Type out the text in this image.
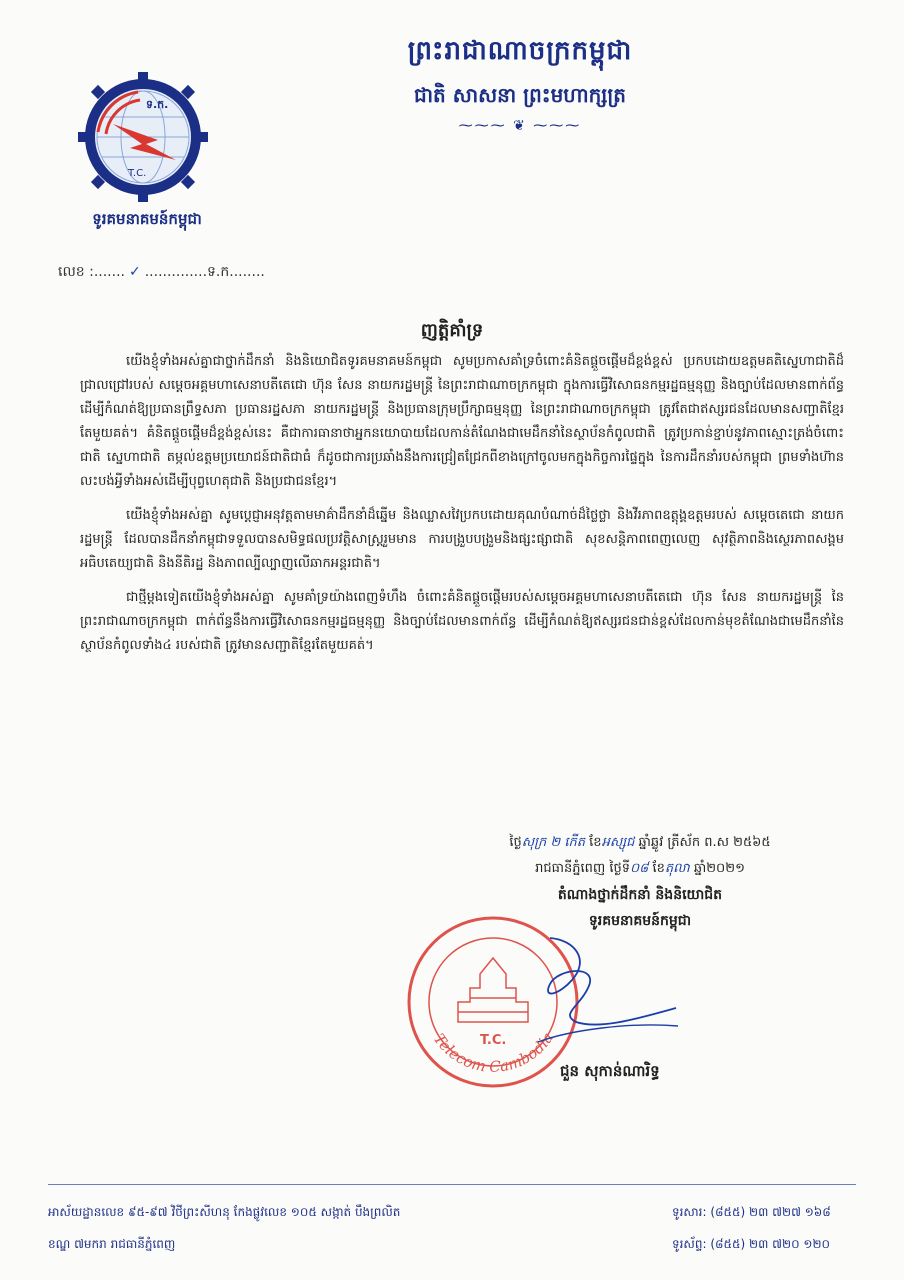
ព្រះរាជាណាចក្រកម្ពុជា
ជាតិ សាសនា ព្រះមហាក្សត្រ
⁓⁓⁓ ❦ ⁓⁓⁓
ទ.ក.
T.C.
ទូរគមនាគមន៍កម្ពុជា
លេខ :....... ✓ ..............ទ.ក........
ញត្តិគាំទ្រ

យើងខ្ញុំទាំងអស់គ្នាជាថ្នាក់ដឹកនាំ និងនិយោជិតទូរគមនាគមន៍កម្ពុជា សូមប្រកាសគាំទ្រចំពោះគំនិតផ្តួចផ្តើមដ៏ខ្ពង់ខ្ពស់ ប្រកបដោយឧត្តមគតិស្នេហាជាតិដ៏ជ្រាលជ្រៅរបស់ សម្តេចអគ្គមហាសេនាបតីតេជោ ហ៊ុន សែន នាយករដ្ឋមន្ត្រី នៃព្រះរាជាណាចក្រកម្ពុជា ក្នុងការធ្វើវិសោធនកម្មរដ្ឋធម្មនុញ្ញ និងច្បាប់ដែលមានពាក់ព័ន្ធ ដើម្បីកំណត់ឱ្យប្រធានព្រឹទ្ធសភា ប្រធានរដ្ឋសភា នាយករដ្ឋមន្ត្រី និងប្រធានក្រុមប្រឹក្សាធម្មនុញ្ញ នៃព្រះរាជាណាចក្រកម្ពុជា ត្រូវតែជាឥស្សរជនដែលមានសញ្ជាតិខ្មែរតែមួយគត់។ គំនិតផ្តួចផ្តើមដ៏ខ្ពង់ខ្ពស់នេះ គឺជាការធានាថាអ្នកនយោបាយដែលកាន់តំណែងជាមេដឹកនាំនៃស្ថាប័នកំពូលជាតិ ត្រូវប្រកាន់ខ្ជាប់នូវភាពស្មោះត្រង់ចំពោះជាតិ ស្នេហាជាតិ តម្កល់ឧត្តមប្រយោជន៍ជាតិជាធំ ក៏ដូចជាការប្រឆាំងនឹងការជ្រៀតជ្រែកពីខាងក្រៅចូលមកក្នុងកិច្ចការផ្ទៃក្នុង នៃការដឹកនាំរបស់កម្ពុជា ព្រមទាំងហ៊ានលះបង់អ្វីទាំងអស់ដើម្បីបុព្វហេតុជាតិ និងប្រជាជនខ្មែរ។

យើងខ្ញុំទាំងអស់គ្នា សូមប្តេជ្ញាអនុវត្តតាមមាគ៌ាដឹកនាំដ៏ឆ្នើម និងឈ្លាសវៃប្រកបដោយគុណបំណាច់ដ៏ថ្លៃថ្លា និងវីរភាពឧត្តុង្គឧត្តមរបស់ សម្តេចតេជោ នាយករដ្ឋមន្ត្រី ដែលបានដឹកនាំកម្ពុជាទទួលបានសមិទ្ធផលប្រវត្តិសាស្ត្ររួមមាន ការបង្រួបបង្រួមនិងផ្សះផ្សាជាតិ សុខសន្តិភាពពេញលេញ សុវត្ថិភាពនិងស្ថេរភាពសង្គម អធិបតេយ្យជាតិ និងនីតិរដ្ឋ និងភាពល្បីល្បាញលើឆាកអន្តរជាតិ។

ជាថ្មីម្តងទៀតយើងខ្ញុំទាំងអស់គ្នា សូមគាំទ្រយ៉ាងពេញទំហឹង ចំពោះគំនិតផ្តួចផ្តើមរបស់សម្តេចអគ្គមហាសេនាបតីតេជោ ហ៊ុន សែន នាយករដ្ឋមន្ត្រី នៃព្រះរាជាណាចក្រកម្ពុជា ពាក់ព័ន្ធនឹងការធ្វើវិសោធនកម្មរដ្ឋធម្មនុញ្ញ និងច្បាប់ដែលមានពាក់ព័ន្ធ ដើម្បីកំណត់ឱ្យឥស្សរជនជាន់ខ្ពស់ដែលកាន់មុខតំណែងជាមេដឹកនាំនៃស្ថាប័នកំពូលទាំង៤ របស់ជាតិ ត្រូវមានសញ្ជាតិខ្មែរតែមួយគត់។

ថ្ងៃសុក្រ ២ កើត ខែអស្សុជ ឆ្នាំឆ្លូវ ត្រីស័ក ព.ស ២៥៦៥
រាជធានីភ្នំពេញ ថ្ងៃទី០៨ ខែតុលា ឆ្នាំ២០២១
តំណាងថ្នាក់ដឹកនាំ និងនិយោជិត
ទូរគមនាគមន៍កម្ពុជា
T.C.
Telecom Cambodia
ជួន សុកាន់ណារិទ្ធ
អាស័យដ្ឋានលេខ ៩៥-៩៧ វិថីព្រះសីហនុ កែងផ្លូវលេខ ១០៥ សង្កាត់ បឹងព្រលិត
ខណ្ឌ ៧មករា រាជធានីភ្នំពេញ
ទូរសារ: (៨៥៥) ២៣ ៧២៧ ១៦៨
ទូរស័ព្ទ: (៨៥៥) ២៣ ៧២០ ១២០
